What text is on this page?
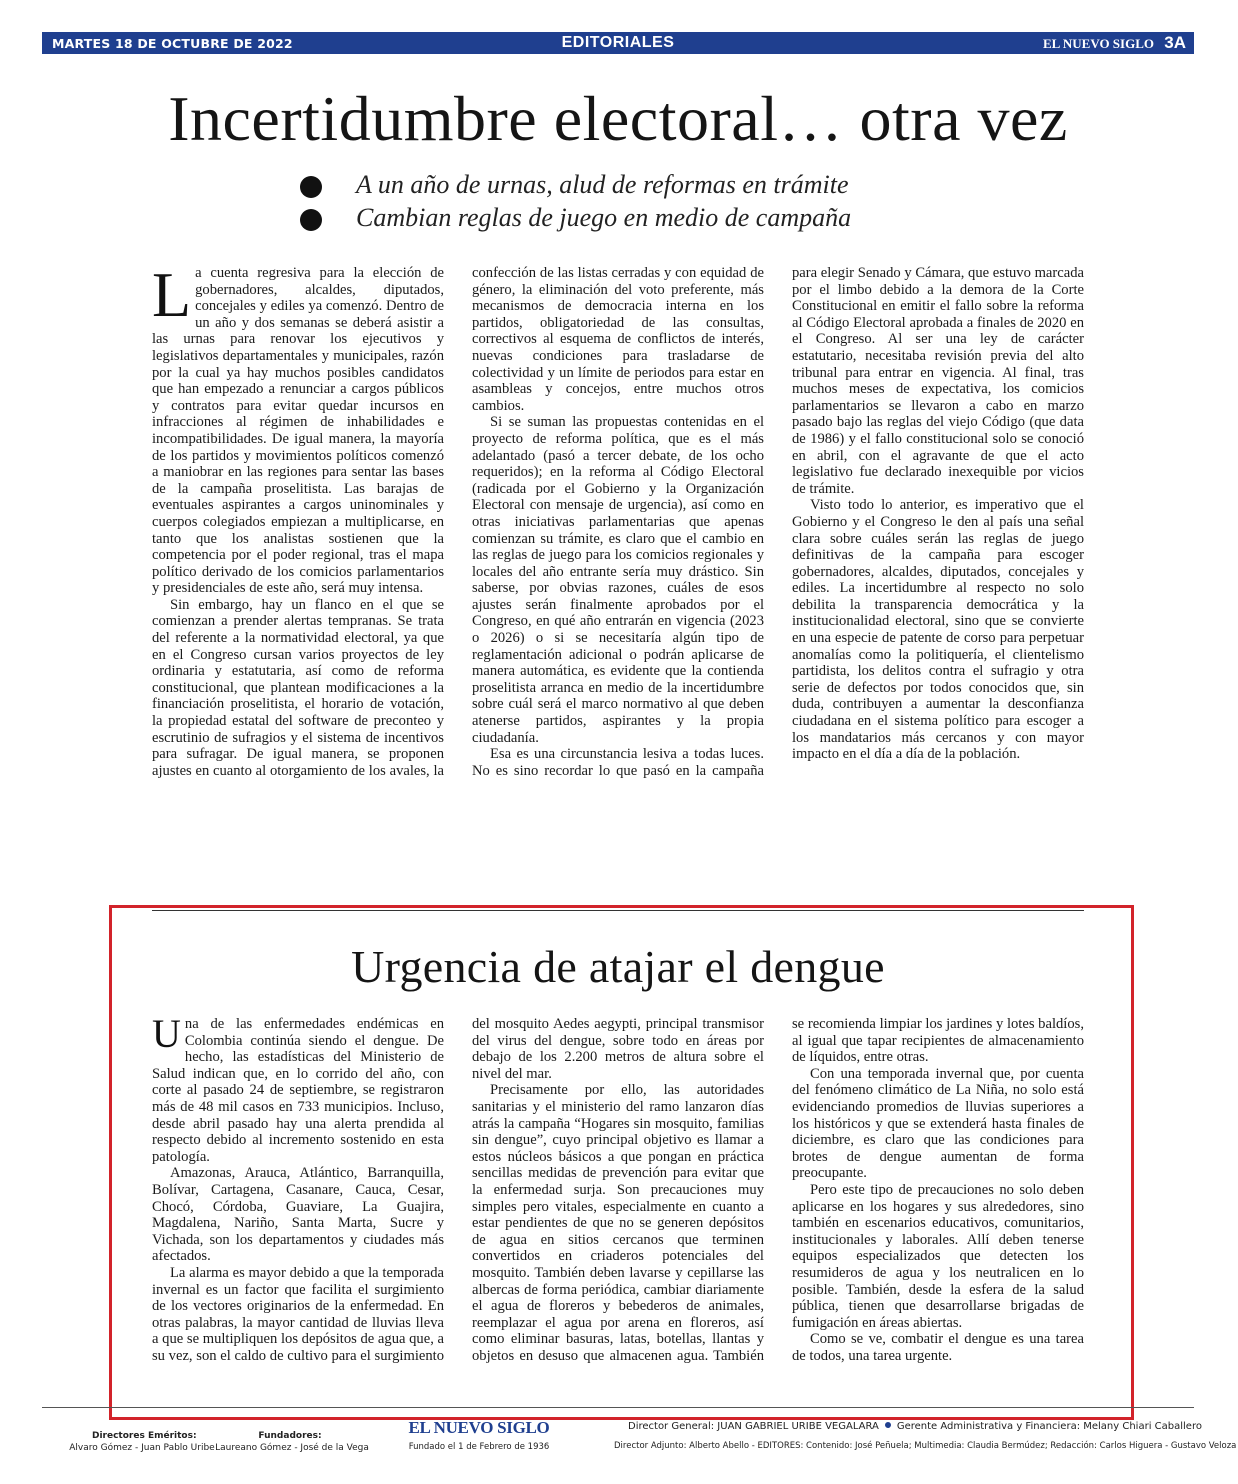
MARTES 18 DE OCTUBRE DE 2022	EDITORIALES	EL NUEVO SIGLO 3A
Incertidumbre electoral… otra vez
A un año de urnas, alud de reformas en trámite
Cambian reglas de juego en medio de campaña

La cuenta regresiva para la elección de gobernadores, alcaldes, diputados, concejales y ediles ya comenzó. Dentro de un año y dos semanas se deberá asistir a las urnas para renovar los ejecutivos y legislativos departamentales y municipales, razón por la cual ya hay muchos posibles candidatos que han empezado a renunciar a cargos públicos y contratos para evitar quedar incursos en infracciones al régimen de inhabilidades e incompatibilidades. De igual manera, la mayoría de los partidos y movimientos políticos comenzó a maniobrar en las regiones para sentar las bases de la campaña proselitista. Las barajas de eventuales aspirantes a cargos uninominales y cuerpos colegiados empiezan a multiplicarse, en tanto que los analistas sostienen que la competencia por el poder regional, tras el mapa político derivado de los comicios parlamentarios y presidenciales de este año, será muy intensa.

Sin embargo, hay un flanco en el que se comienzan a prender alertas tempranas. Se trata del referente a la normatividad electoral, ya que en el Congreso cursan varios proyectos de ley ordinaria y estatutaria, así como de reforma constitucional, que plantean modificaciones a la financiación proselitista, el horario de votación, la propiedad estatal del software de preconteo y escrutinio de sufragios y el sistema de incentivos para sufragar. De igual manera, se proponen ajustes en cuanto al otorgamiento de los avales, la confección de las listas cerradas y con equidad de género, la eliminación del voto preferente, más mecanismos de democracia interna en los partidos, obligatoriedad de las consultas, correctivos al esquema de conflictos de interés, nuevas condiciones para trasladarse de colectividad y un límite de periodos para estar en asambleas y concejos, entre muchos otros cambios.

Si se suman las propuestas contenidas en el proyecto de reforma política, que es el más adelantado (pasó a tercer debate, de los ocho requeridos); en la reforma al Código Electoral (radicada por el Gobierno y la Organización Electoral con mensaje de urgencia), así como en otras iniciativas parlamentarias que apenas comienzan su trámite, es claro que el cambio en las reglas de juego para los comicios regionales y locales del año entrante sería muy drástico. Sin saberse, por obvias razones, cuáles de esos ajustes serán finalmente aprobados por el Congreso, en qué año entrarán en vigencia (2023 o 2026) o si se necesitaría algún tipo de reglamentación adicional o podrán aplicarse de manera automática, es evidente que la contienda proselitista arranca en medio de la incertidumbre sobre cuál será el marco normativo al que deben atenerse partidos, aspirantes y la propia ciudadanía.

Esa es una circunstancia lesiva a todas luces. No es sino recordar lo que pasó en la campaña para elegir Senado y Cámara, que estuvo marcada por el limbo debido a la demora de la Corte Constitucional en emitir el fallo sobre la reforma al Código Electoral aprobada a finales de 2020 en el Congreso. Al ser una ley de carácter estatutario, necesitaba revisión previa del alto tribunal para entrar en vigencia. Al final, tras muchos meses de expectativa, los comicios parlamentarios se llevaron a cabo en marzo pasado bajo las reglas del viejo Código (que data de 1986) y el fallo constitucional solo se conoció en abril, con el agravante de que el acto legislativo fue declarado inexequible por vicios de trámite.

Visto todo lo anterior, es imperativo que el Gobierno y el Congreso le den al país una señal clara sobre cuáles serán las reglas de juego definitivas de la campaña para escoger gobernadores, alcaldes, diputados, concejales y ediles. La incertidumbre al respecto no solo debilita la transparencia democrática y la institucionalidad electoral, sino que se convierte en una especie de patente de corso para perpetuar anomalías como la politiquería, el clientelismo partidista, los delitos contra el sufragio y otra serie de defectos por todos conocidos que, sin duda, contribuyen a aumentar la desconfianza ciudadana en el sistema político para escoger a los mandatarios más cercanos y con mayor impacto en el día a día de la población.

Urgencia de atajar el dengue

Una de las enfermedades endémicas en Colombia continúa siendo el dengue. De hecho, las estadísticas del Ministerio de Salud indican que, en lo corrido del año, con corte al pasado 24 de septiembre, se registraron más de 48 mil casos en 733 municipios. Incluso, desde abril pasado hay una alerta prendida al respecto debido al incremento sostenido en esta patología.

Amazonas, Arauca, Atlántico, Barranquilla, Bolívar, Cartagena, Casanare, Cauca, Cesar, Chocó, Córdoba, Guaviare, La Guajira, Magdalena, Nariño, Santa Marta, Sucre y Vichada, son los departamentos y ciudades más afectados.

La alarma es mayor debido a que la temporada invernal es un factor que facilita el surgimiento de los vectores originarios de la enfermedad. En otras palabras, la mayor cantidad de lluvias lleva a que se multipliquen los depósitos de agua que, a su vez, son el caldo de cultivo para el surgimiento del mosquito Aedes aegypti, principal transmisor del virus del dengue, sobre todo en áreas por debajo de los 2.200 metros de altura sobre el nivel del mar.

Precisamente por ello, las autoridades sanitarias y el ministerio del ramo lanzaron días atrás la campaña “Hogares sin mosquito, familias sin dengue”, cuyo principal objetivo es llamar a estos núcleos básicos a que pongan en práctica sencillas medidas de prevención para evitar que la enfermedad surja. Son precauciones muy simples pero vitales, especialmente en cuanto a estar pendientes de que no se generen depósitos de agua en sitios cercanos que terminen convertidos en criaderos potenciales del mosquito. También deben lavarse y cepillarse las albercas de forma periódica, cambiar diariamente el agua de floreros y bebederos de animales, reemplazar el agua por arena en floreros, así como eliminar basuras, latas, botellas, llantas y objetos en desuso que almacenen agua. También se recomienda limpiar los jardines y lotes baldíos, al igual que tapar recipientes de almacenamiento de líquidos, entre otras.

Con una temporada invernal que, por cuenta del fenómeno climático de La Niña, no solo está evidenciando promedios de lluvias superiores a los históricos y que se extenderá hasta finales de diciembre, es claro que las condiciones para brotes de dengue aumentan de forma preocupante.

Pero este tipo de precauciones no solo deben aplicarse en los hogares y sus alrededores, sino también en escenarios educativos, comunitarios, institucionales y laborales. Allí deben tenerse equipos especializados que detecten los resumideros de agua y los neutralicen en lo posible. También, desde la esfera de la salud pública, tienen que desarrollarse brigadas de fumigación en áreas abiertas.

Como se ve, combatir el dengue es una tarea de todos, una tarea urgente.

Directores Eméritos:
Alvaro Gómez - Juan Pablo Uribe
Fundadores:
Laureano Gómez - José de la Vega
EL NUEVO SIGLO
Fundado el 1 de Febrero de 1936
Director General: JUAN GABRIEL URIBE VEGALARA Gerente Administrativa y Financiera: Melany Chiari Caballero
Director Adjunto: Alberto Abello - EDITORES: Contenido: José Peñuela; Multimedia: Claudia Bermúdez; Redacción: Carlos Higuera - Gustavo Veloza
